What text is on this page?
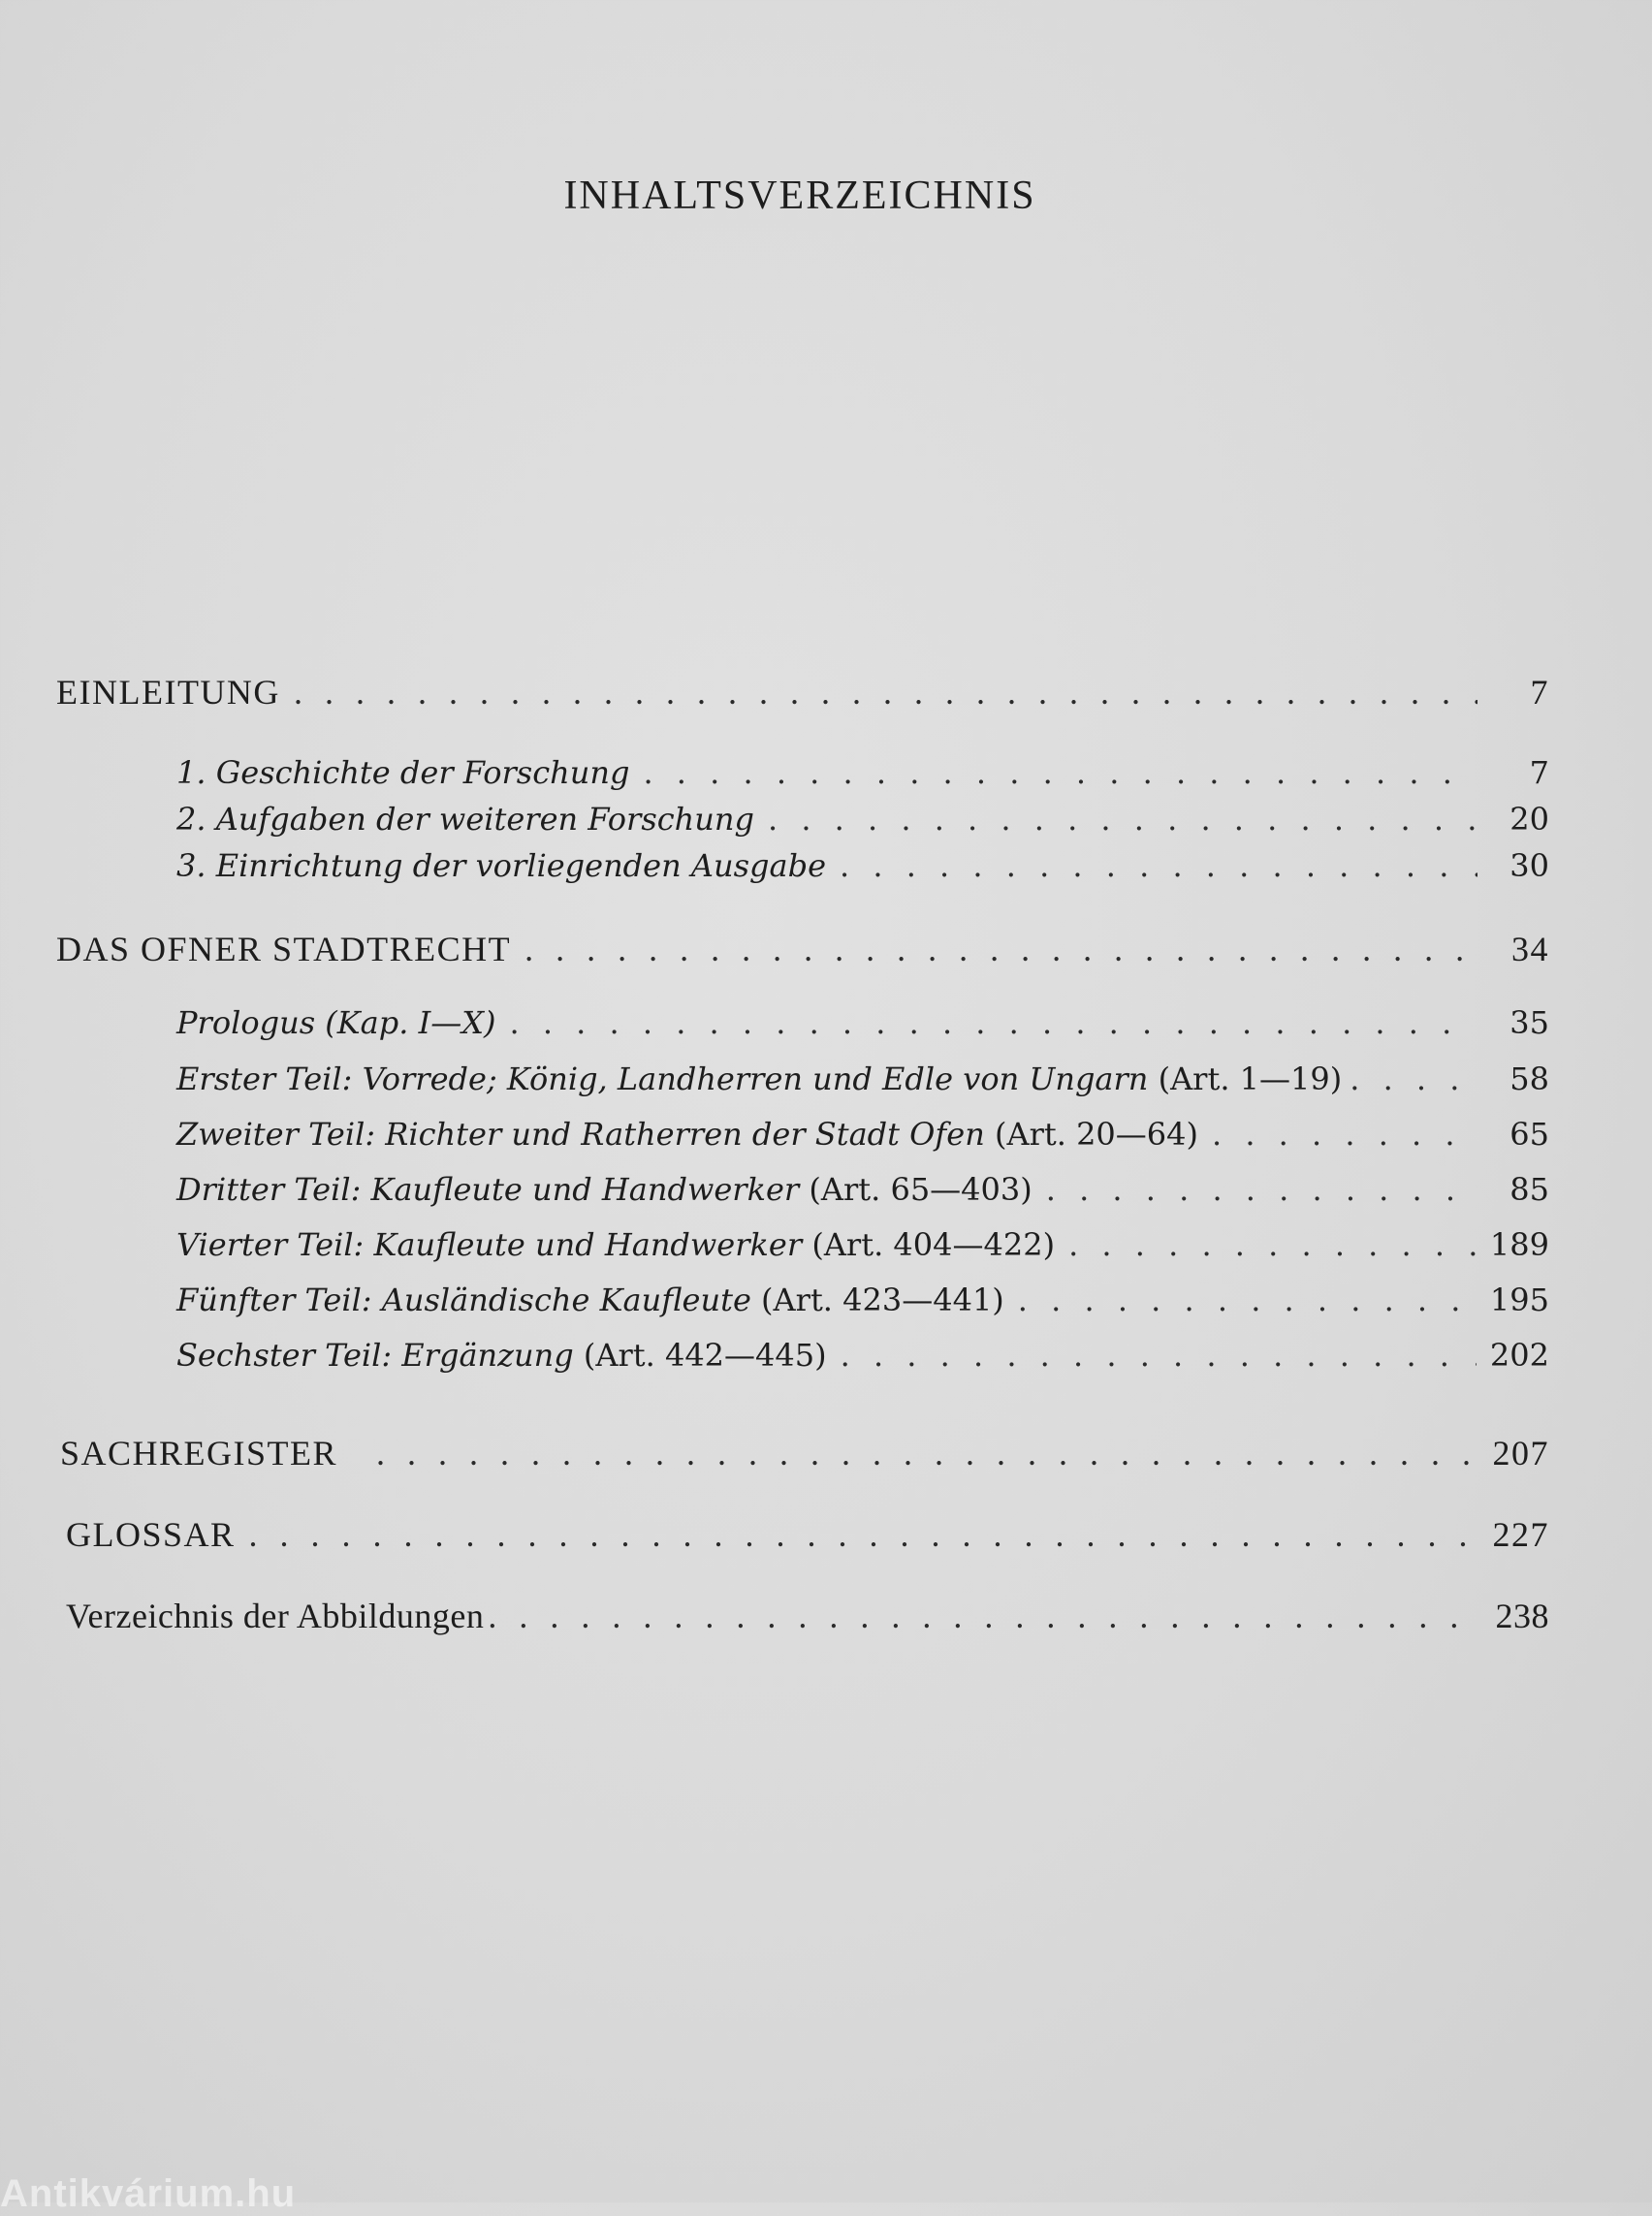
INHALTSVERZEICHNIS
EINLEITUNG . . .	7
1. Geschichte der Forschung . . .	7
2. Aufgaben der weiteren Forschung . . .	20
3. Einrichtung der vorliegenden Ausgabe . . .	30
DAS OFNER STADTRECHT . . .	34
Prologus (Kap. I—X) . . .	35
Erster Teil: Vorrede; König, Landherren und Edle von Ungarn (Art. 1—19) . . .	58
Zweiter Teil: Richter und Ratherren der Stadt Ofen (Art. 20—64) . . .	65
Dritter Teil: Kaufleute und Handwerker (Art. 65—403) . . .	85
Vierter Teil: Kaufleute und Handwerker (Art. 404—422) . . .	189
Fünfter Teil: Ausländische Kaufleute (Art. 423—441) . . .	195
Sechster Teil: Ergänzung (Art. 442—445) . . .	202
SACHREGISTER . . .	207
GLOSSAR . . .	227
Verzeichnis der Abbildungen . . .	238
Antikvárium.hu
